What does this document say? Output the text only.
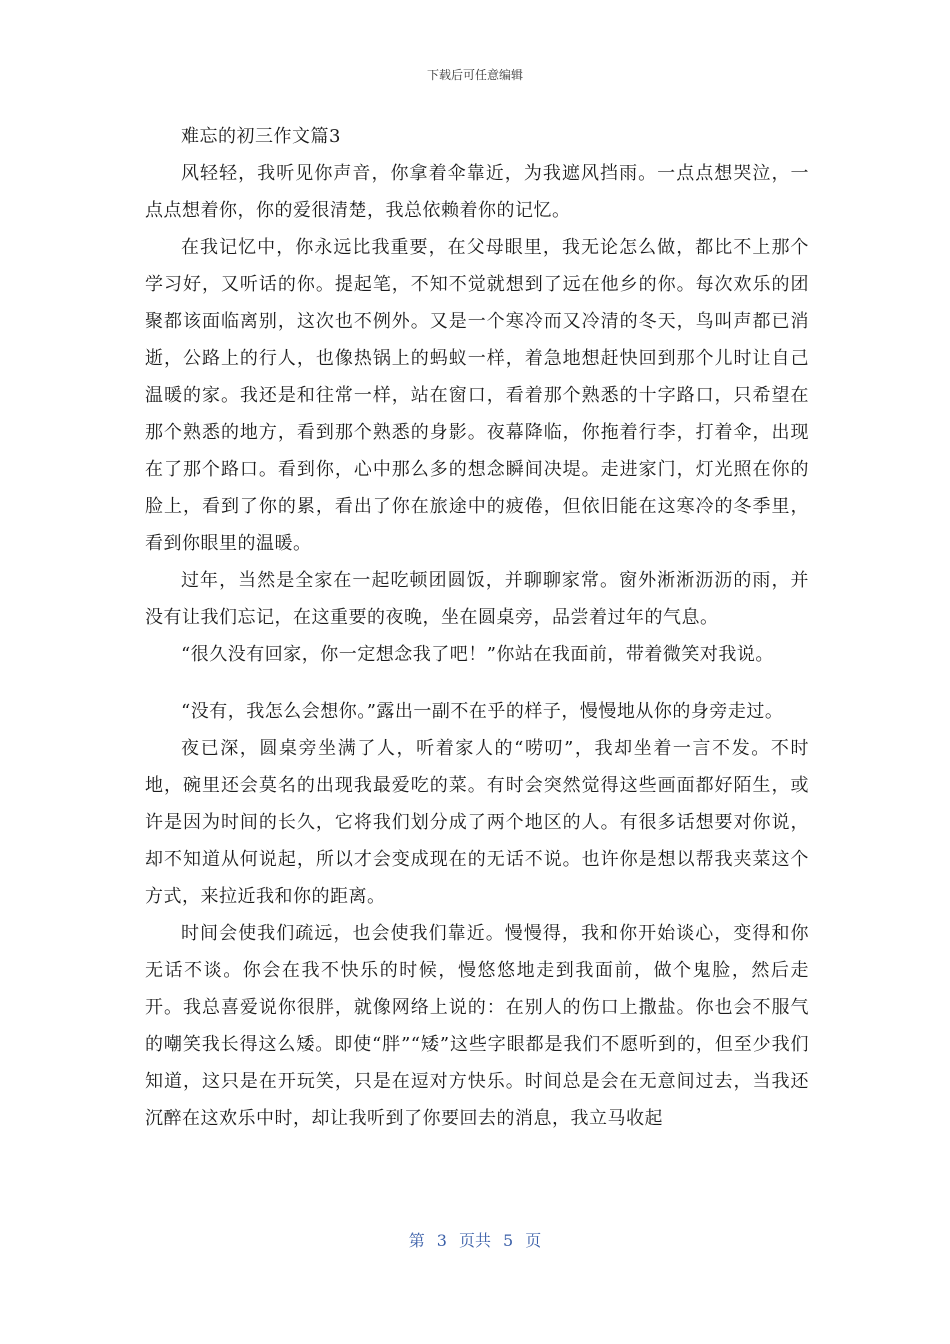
下载后可任意编辑

难忘的初三作文篇3

风轻轻，我听见你声音，你拿着伞靠近，为我遮风挡雨。一点点想哭泣，一点点想着你，你的爱很清楚，我总依赖着你的记忆。

在我记忆中，你永远比我重要，在父母眼里，我无论怎么做，都比不上那个学习好，又听话的你。提起笔，不知不觉就想到了远在他乡的你。每次欢乐的团聚都该面临离别，这次也不例外。又是一个寒冷而又冷清的冬天，鸟叫声都已消逝，公路上的行人，也像热锅上的蚂蚁一样，着急地想赶快回到那个儿时让自己温暖的家。我还是和往常一样，站在窗口，看着那个熟悉的十字路口，只希望在那个熟悉的地方，看到那个熟悉的身影。夜幕降临，你拖着行李，打着伞，出现在了那个路口。看到你，心中那么多的想念瞬间决堤。走进家门，灯光照在你的脸上，看到了你的累，看出了你在旅途中的疲倦，但依旧能在这寒冷的冬季里，看到你眼里的温暖。

过年，当然是全家在一起吃顿团圆饭，并聊聊家常。窗外淅淅沥沥的雨，并没有让我们忘记，在这重要的夜晚，坐在圆桌旁，品尝着过年的气息。

“很久没有回家，你一定想念我了吧！”你站在我面前，带着微笑对我说。

“没有，我怎么会想你。”露出一副不在乎的样子，慢慢地从你的身旁走过。

夜已深，圆桌旁坐满了人，听着家人的“唠叨”，我却坐着一言不发。不时地，碗里还会莫名的出现我最爱吃的菜。有时会突然觉得这些画面都好陌生，或许是因为时间的长久，它将我们划分成了两个地区的人。有很多话想要对你说，却不知道从何说起，所以才会变成现在的无话不说。也许你是想以帮我夹菜这个方式，来拉近我和你的距离。

时间会使我们疏远，也会使我们靠近。慢慢得，我和你开始谈心，变得和你无话不谈。你会在我不快乐的时候，慢悠悠地走到我面前，做个鬼脸，然后走开。我总喜爱说你很胖，就像网络上说的：在别人的伤口上撒盐。你也会不服气的嘲笑我长得这么矮。即使“胖”“矮”这些字眼都是我们不愿听到的，但至少我们知道，这只是在开玩笑，只是在逗对方快乐。时间总是会在无意间过去，当我还沉醉在这欢乐中时，却让我听到了你要回去的消息，我立马收起

第 3 页共 5 页
